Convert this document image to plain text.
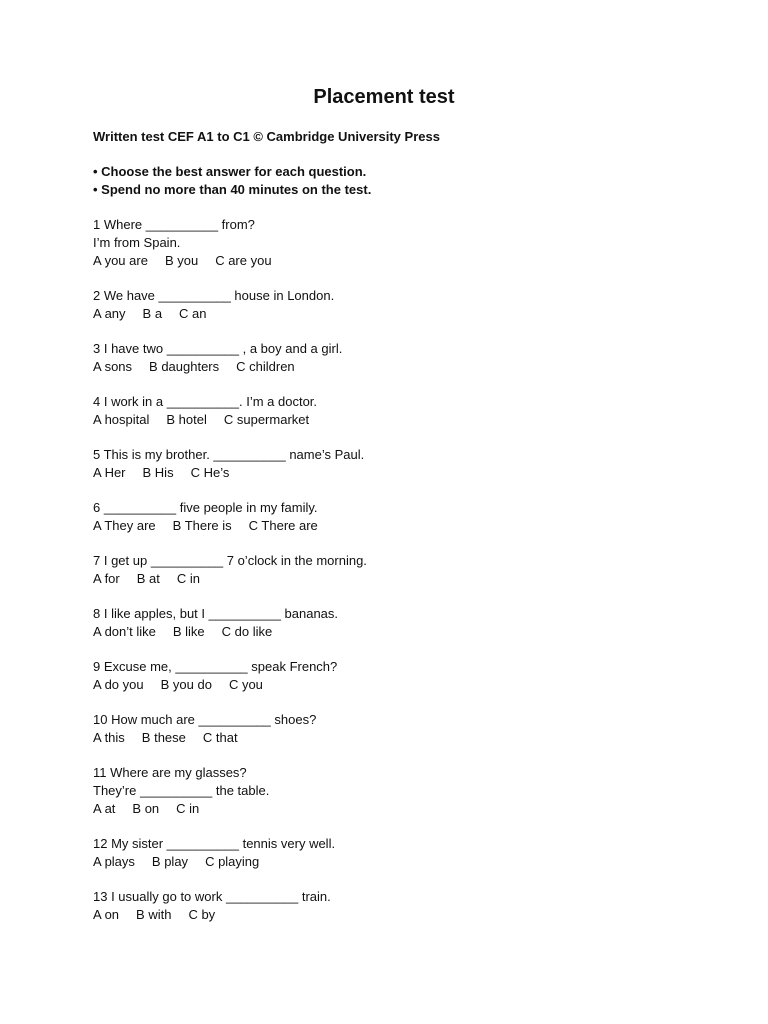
Placement test

Written test CEF A1 to C1 © Cambridge University Press

• Choose the best answer for each question.

• Spend no more than 40 minutes on the test.

1 Where __________ from?

I’m from Spain.

A you are B you C are you

2 We have __________ house in London.

A any B a C an

3 I have two __________ , a boy and a girl.

A sons B daughters C children

4 I work in a __________. I’m a doctor.

A hospital B hotel C supermarket

5 This is my brother. __________ name’s Paul.

A Her B His C He’s

6 __________ five people in my family.

A They are B There is C There are

7 I get up __________ 7 o’clock in the morning.

A for B at C in

8 I like apples, but I __________ bananas.

A don’t like B like C do like

9 Excuse me, __________ speak French?

A do you B you do C you

10 How much are __________ shoes?

A this B these C that

11 Where are my glasses?

They’re __________ the table.

A at B on C in

12 My sister __________ tennis very well.

A plays B play C playing

13 I usually go to work __________ train.

A on B with C by
